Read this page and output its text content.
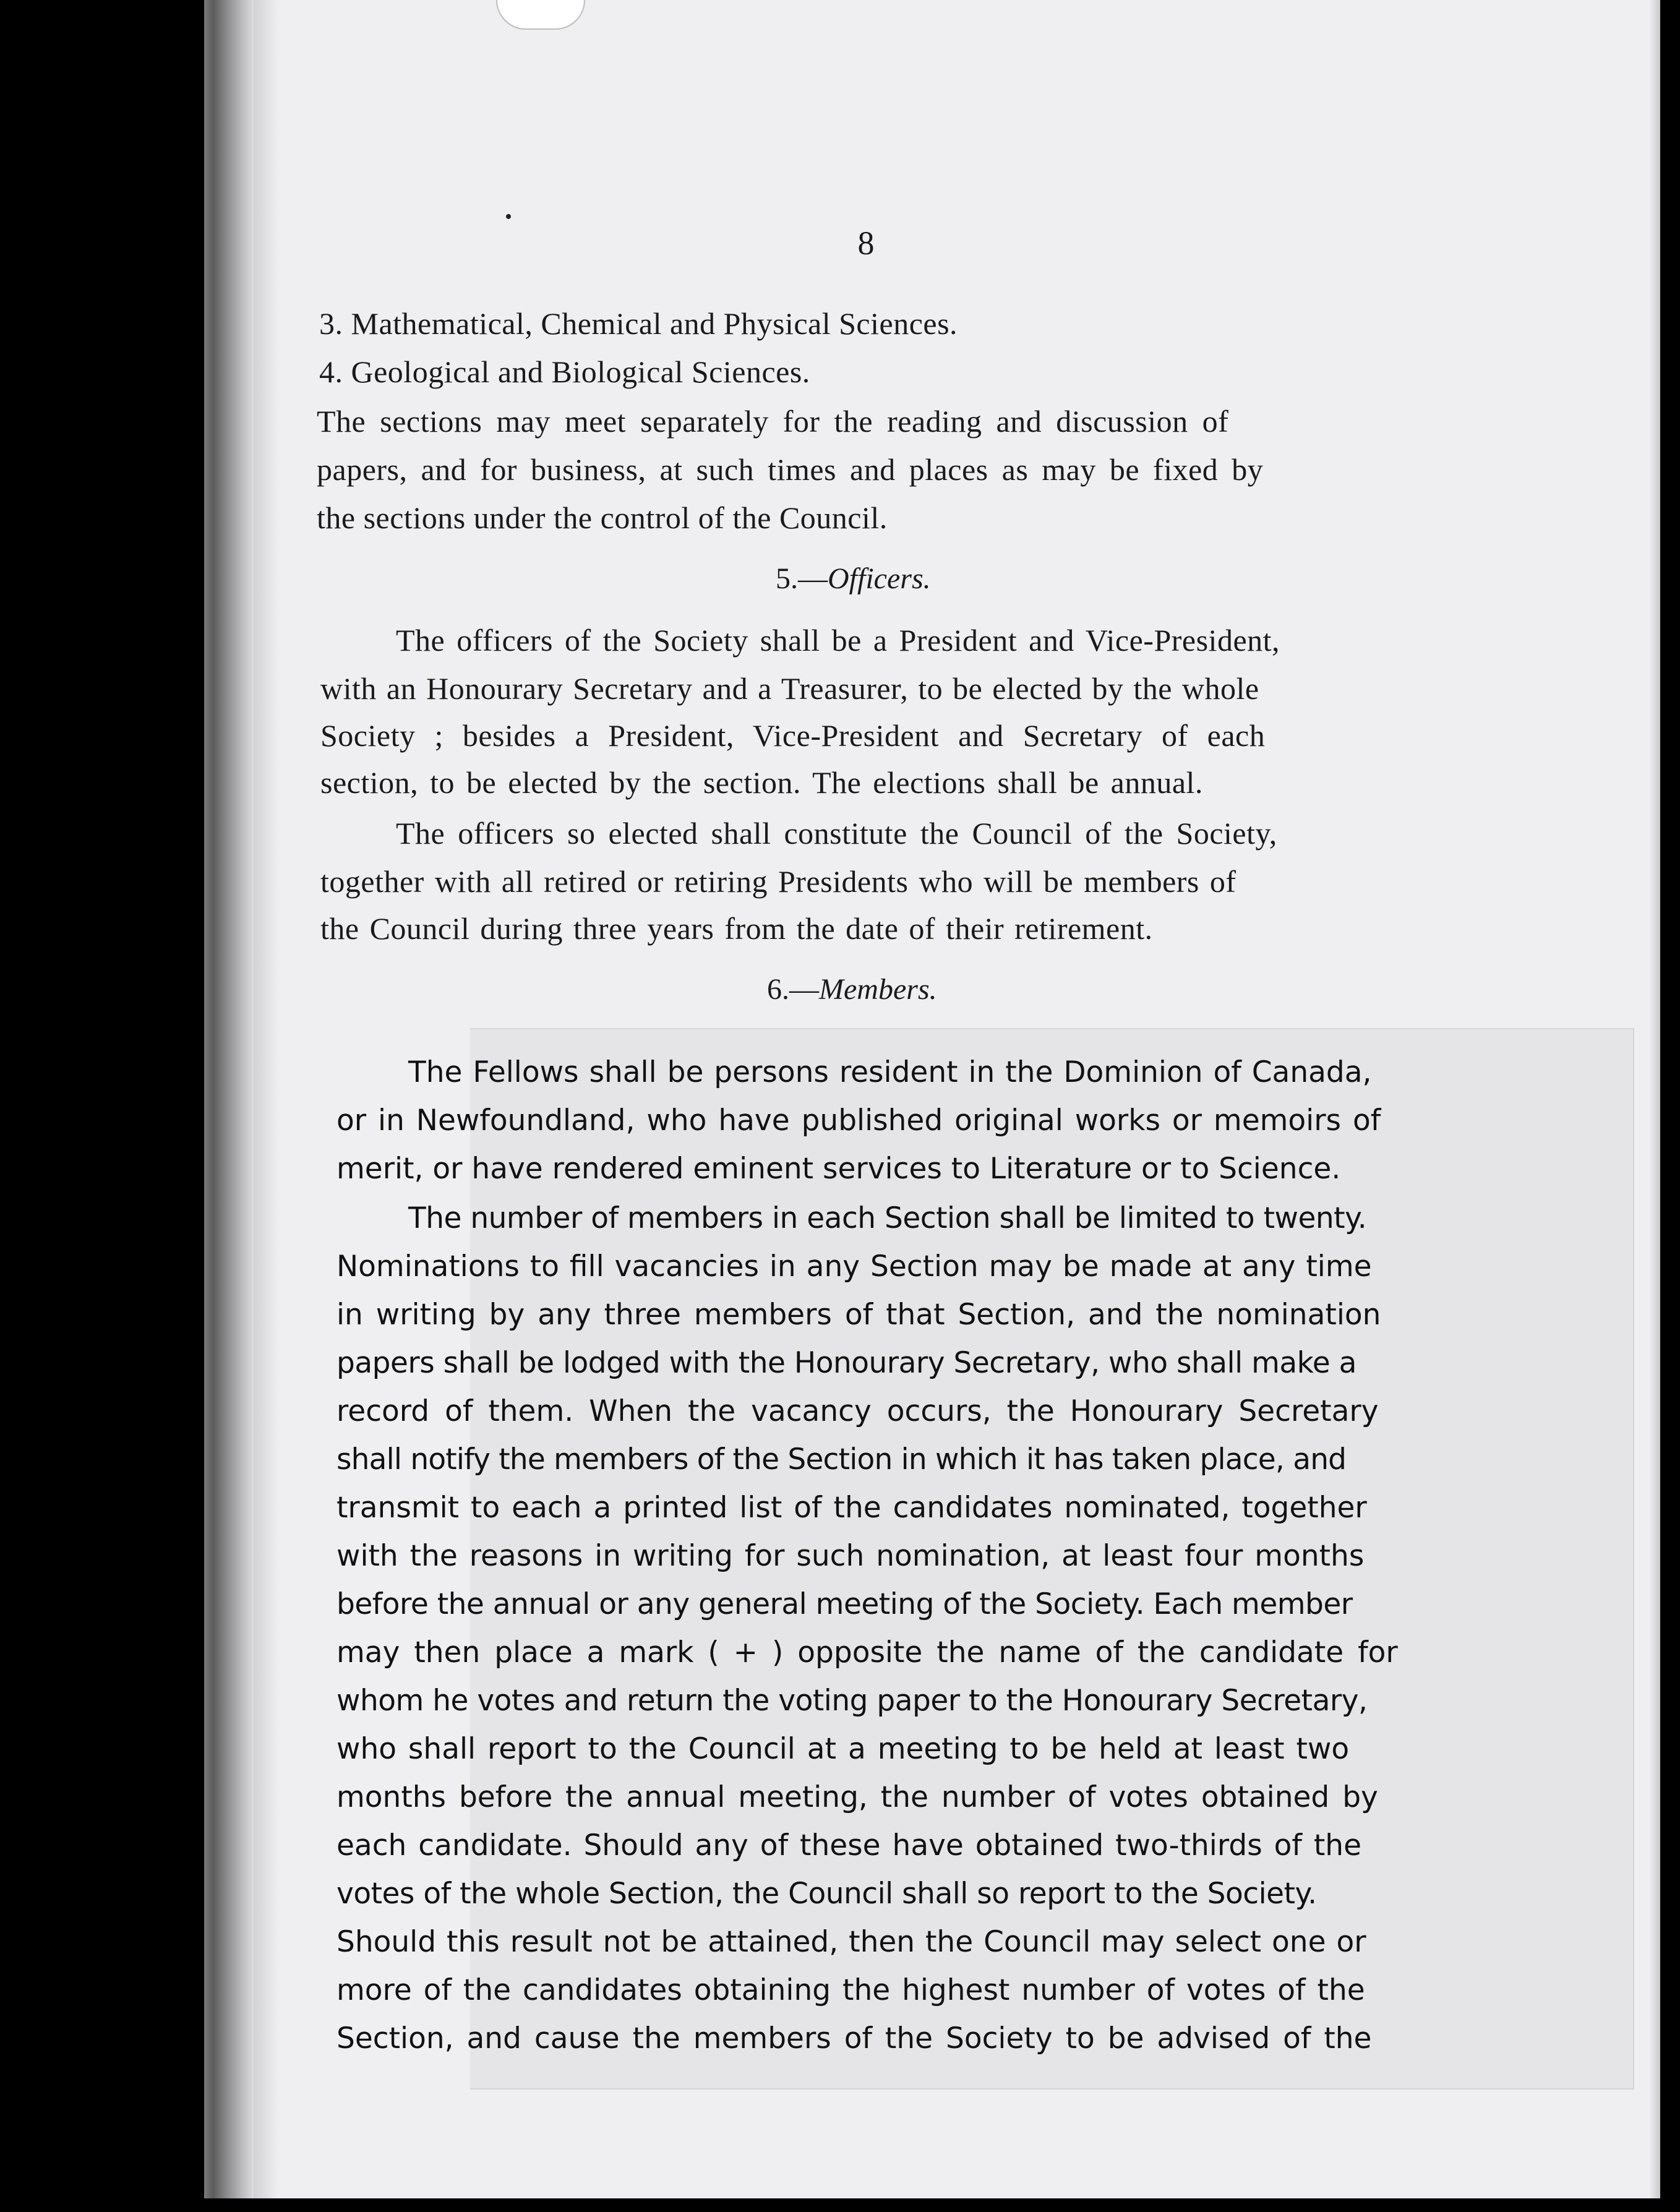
8
3. Mathematical, Chemical and Physical Sciences.
4. Geological and Biological Sciences.
The sections may meet separately for the reading and discussion of
papers, and for business, at such times and places as may be fixed by
the sections under the control of the Council.
5.—Officers.
The officers of the Society shall be a President and Vice-President,
with an Honourary Secretary and a Treasurer, to be elected by the whole
Society ; besides a President, Vice-President and Secretary of each
section, to be elected by the section. The elections shall be annual.
The officers so elected shall constitute the Council of the Society,
together with all retired or retiring Presidents who will be members of
the Council during three years from the date of their retirement.
6.—Members.
The Fellows shall be persons resident in the Dominion of Canada,
or in Newfoundland, who have published original works or memoirs of
merit, or have rendered eminent services to Literature or to Science.
The number of members in each Section shall be limited to twenty.
Nominations to fill vacancies in any Section may be made at any time
in writing by any three members of that Section, and the nomination
papers shall be lodged with the Honourary Secretary, who shall make a
record of them. When the vacancy occurs, the Honourary Secretary
shall notify the members of the Section in which it has taken place, and
transmit to each a printed list of the candidates nominated, together
with the reasons in writing for such nomination, at least four months
before the annual or any general meeting of the Society. Each member
may then place a mark ( + ) opposite the name of the candidate for
whom he votes and return the voting paper to the Honourary Secretary,
who shall report to the Council at a meeting to be held at least two
months before the annual meeting, the number of votes obtained by
each candidate. Should any of these have obtained two-thirds of the
votes of the whole Section, the Council shall so report to the Society.
Should this result not be attained, then the Council may select one or
more of the candidates obtaining the highest number of votes of the
Section, and cause the members of the Society to be advised of the
